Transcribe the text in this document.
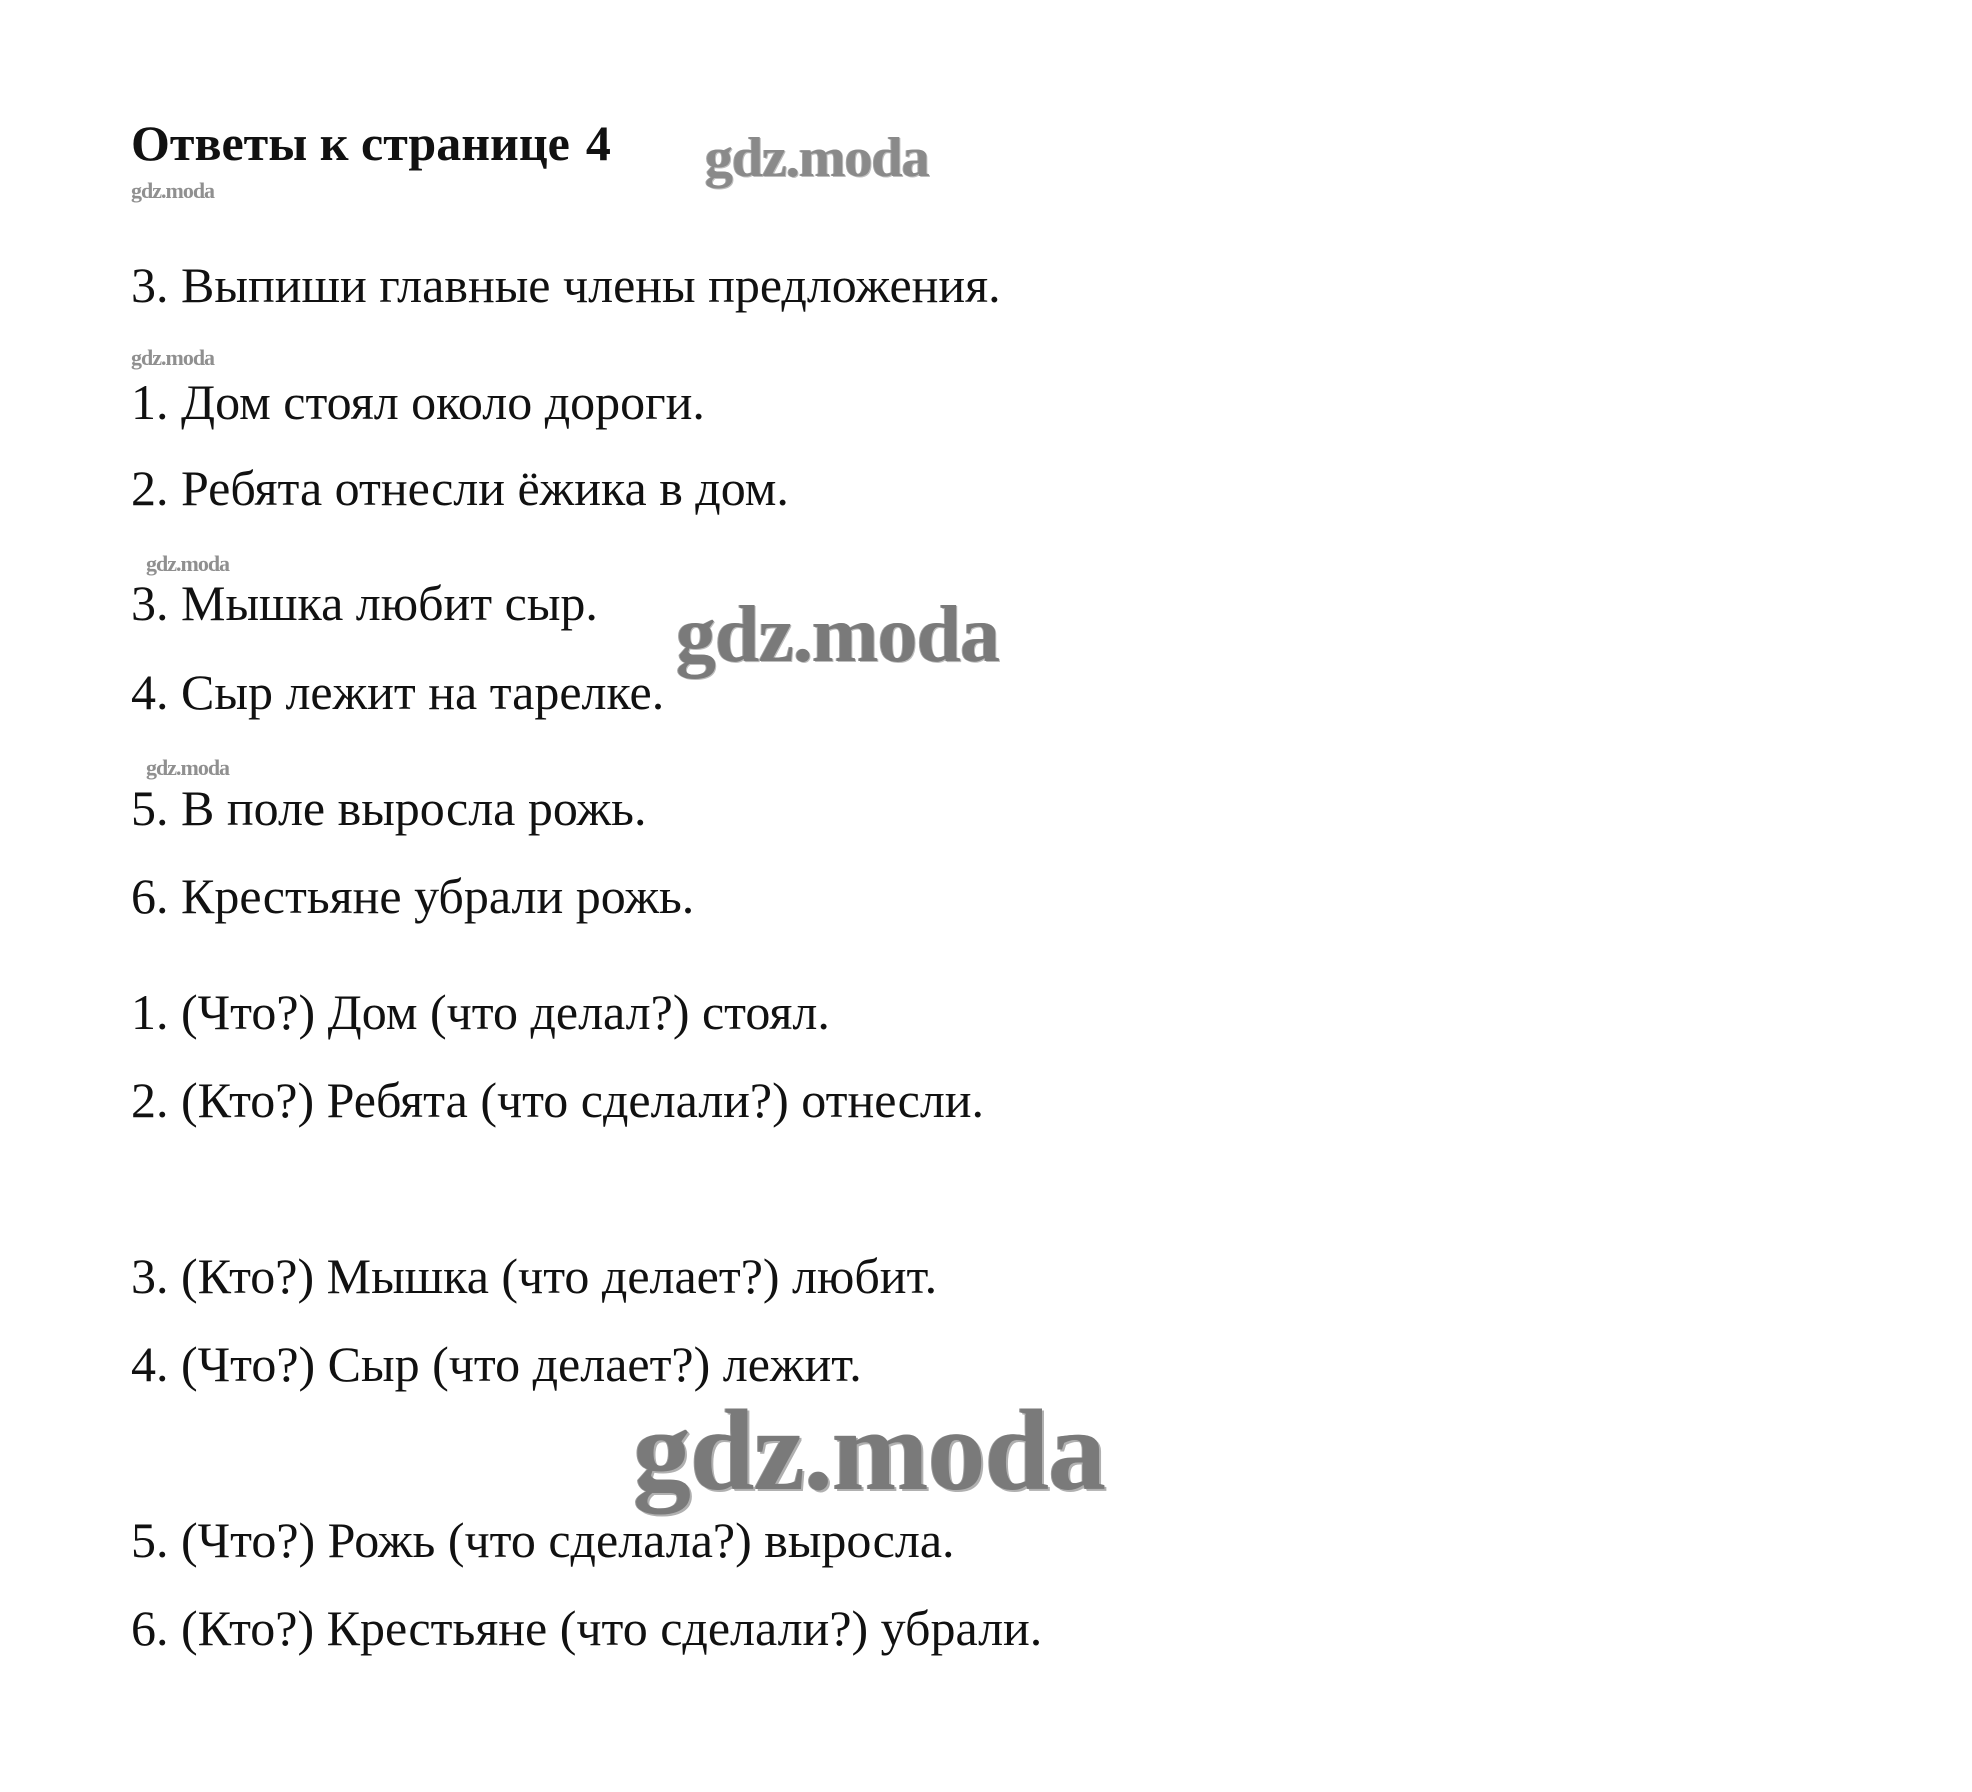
Ответы к странице 4 gdz.moda
gdz.moda
3. Выпиши главные члены предложения.
gdz.moda
1. Дом стоял около дороги.
2. Ребята отнесли ёжика в дом.
gdz.moda
3. Мышка любит сыр. gdz.moda
4. Сыр лежит на тарелке.
gdz.moda
5. В поле выросла рожь.
6. Крестьяне убрали рожь.
1. (Что?) Дом (что делал?) стоял.
2. (Кто?) Ребята (что сделали?) отнесли.
3. (Кто?) Мышка (что делает?) любит.
4. (Что?) Сыр (что делает?) лежит.
gdz.moda
5. (Что?) Рожь (что сделала?) выросла.
6. (Кто?) Крестьяне (что сделали?) убрали.
